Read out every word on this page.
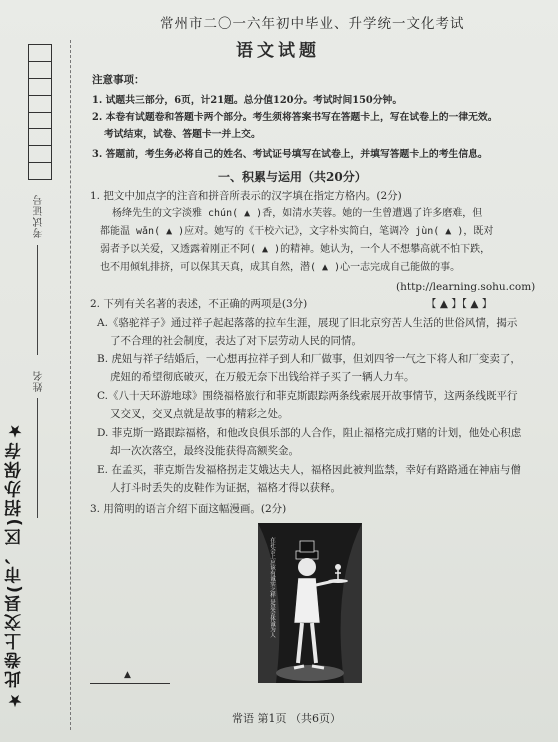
考试证号
姓名
★此卷上交县(市、区)招办保存★
常州市二〇一六年初中毕业、升学统一文化考试
语文试题
注意事项：
1. 试题共三部分，6页，计21题。总分值120分。考试时间150分钟。
2. 本卷有试题卷和答题卡两个部分。考生须将答案书写在答题卡上，写在试卷上的一律无效。
考试结束，试卷、答题卡一并上交。
3. 答题前，考生务必将自己的姓名、考试证号填写在试卷上，并填写答题卡上的考生信息。
一、积累与运用（共20分）
1. 把文中加点字的注音和拼音所表示的汉字填在指定方格内。(2分)
杨绛先生的文字淡雅 chún( ▲ )香，如清水芙蓉。她的一生曾遭遇了许多磨难，但
都能温 wǎn( ▲ )应对。她写的《干校六记》，文字朴实简白，笔调冷 jùn( ▲ )，既对
弱者予以关爱，又透露着刚正不阿( ▲ )的精神。她认为，一个人不想攀高就不怕下跌，
也不用倾轧排挤，可以保其天真，成其自然，潜( ▲ )心一志完成自己能做的事。
(http://learning.sohu.com)
2. 下列有关名著的表述，不正确的两项是(3分)	【 ▲ 】【 ▲ 】
A.《骆驼祥子》通过祥子起起落落的拉车生涯，展现了旧北京穷苦人生活的世俗风情，揭示
了不合理的社会制度，表达了对下层劳动人民的同情。
B. 虎妞与祥子结婚后，一心想再拉祥子到人和厂做事，但刘四爷一气之下将人和厂变卖了，
虎妞的希望彻底破灭，在万般无奈下出钱给祥子买了一辆人力车。
C.《八十天环游地球》围绕福格旅行和菲克斯跟踪两条线索展开故事情节，这两条线既平行
又交叉，交叉点就是故事的精彩之处。
D. 菲克斯一路跟踪福格，和他改良俱乐部的人合作，阻止福格完成打赌的计划，他处心积虑
却一次次落空，最终没能获得高额奖金。
E. 在孟买，菲克斯告发福格拐走艾娥达夫人，福格因此被判监禁，幸好有路路通在神庙与僧
人打斗时丢失的皮鞋作为证据，福格才得以获释。
3. 用简明的语言介绍下面这幅漫画。(2分)
在社会上应该有诚实之样 是是会体诚为人
▲
常语 第1页 （共6页）
